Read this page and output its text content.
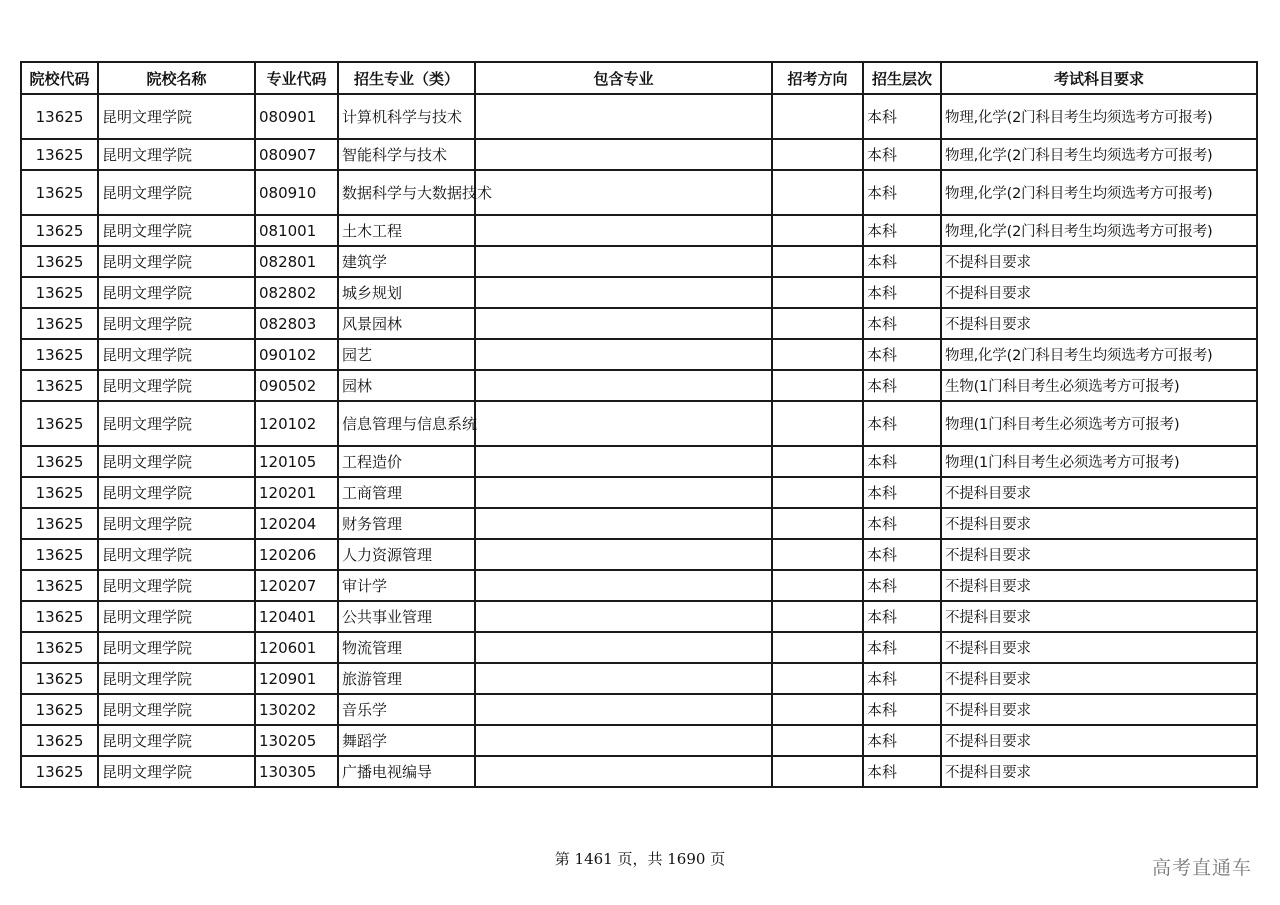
院校代码	院校名称	专业代码	招生专业（类）	包含专业	招考方向	招生层次	考试科目要求
13625	昆明文理学院	080901	计算机科学与技术			本科	物理,化学(2门科目考生均须选考方可报考)
13625	昆明文理学院	080907	智能科学与技术			本科	物理,化学(2门科目考生均须选考方可报考)
13625	昆明文理学院	080910	数据科学与大数据技术			本科	物理,化学(2门科目考生均须选考方可报考)
13625	昆明文理学院	081001	土木工程			本科	物理,化学(2门科目考生均须选考方可报考)
13625	昆明文理学院	082801	建筑学			本科	不提科目要求
13625	昆明文理学院	082802	城乡规划			本科	不提科目要求
13625	昆明文理学院	082803	风景园林			本科	不提科目要求
13625	昆明文理学院	090102	园艺			本科	物理,化学(2门科目考生均须选考方可报考)
13625	昆明文理学院	090502	园林			本科	生物(1门科目考生必须选考方可报考)
13625	昆明文理学院	120102	信息管理与信息系统			本科	物理(1门科目考生必须选考方可报考)
13625	昆明文理学院	120105	工程造价			本科	物理(1门科目考生必须选考方可报考)
13625	昆明文理学院	120201	工商管理			本科	不提科目要求
13625	昆明文理学院	120204	财务管理			本科	不提科目要求
13625	昆明文理学院	120206	人力资源管理			本科	不提科目要求
13625	昆明文理学院	120207	审计学			本科	不提科目要求
13625	昆明文理学院	120401	公共事业管理			本科	不提科目要求
13625	昆明文理学院	120601	物流管理			本科	不提科目要求
13625	昆明文理学院	120901	旅游管理			本科	不提科目要求
13625	昆明文理学院	130202	音乐学			本科	不提科目要求
13625	昆明文理学院	130205	舞蹈学			本科	不提科目要求
13625	昆明文理学院	130305	广播电视编导			本科	不提科目要求
第 1461 页，共 1690 页	高考直通车
